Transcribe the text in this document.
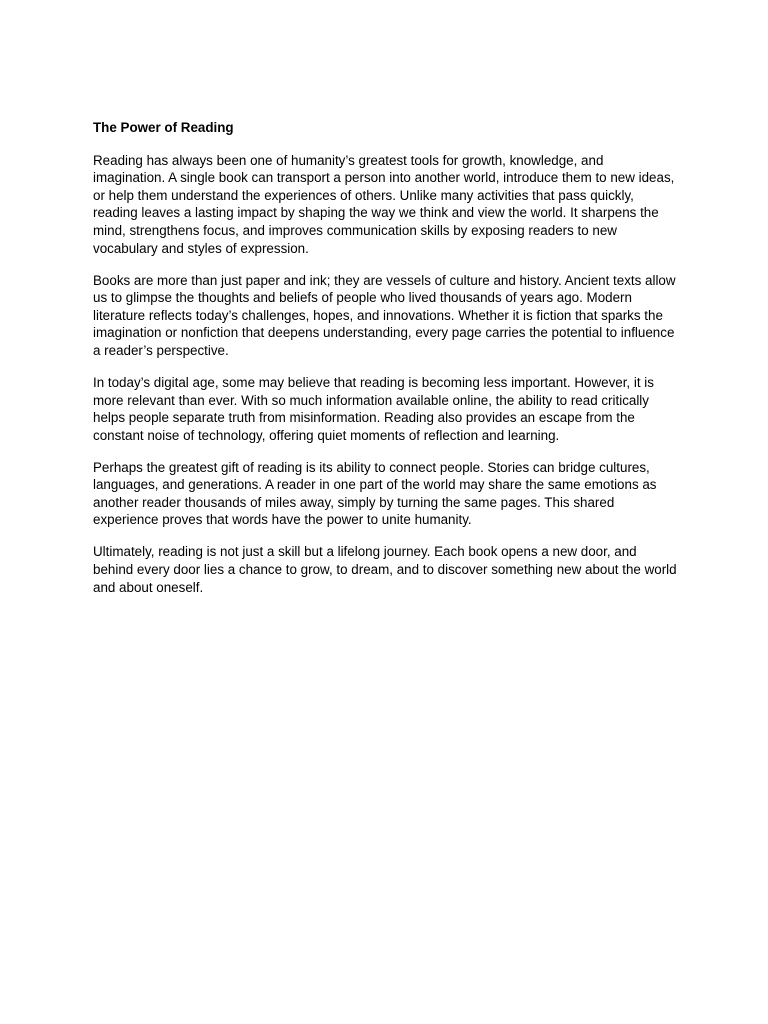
The Power of Reading

Reading has always been one of humanity’s greatest tools for growth, knowledge, and imagination. A single book can transport a person into another world, introduce them to new ideas, or help them understand the experiences of others. Unlike many activities that pass quickly, reading leaves a lasting impact by shaping the way we think and view the world. It sharpens the mind, strengthens focus, and improves communication skills by exposing readers to new vocabulary and styles of expression.

Books are more than just paper and ink; they are vessels of culture and history. Ancient texts allow us to glimpse the thoughts and beliefs of people who lived thousands of years ago. Modern literature reflects today’s challenges, hopes, and innovations. Whether it is fiction that sparks the imagination or nonfiction that deepens understanding, every page carries the potential to influence a reader’s perspective.

In today’s digital age, some may believe that reading is becoming less important. However, it is more relevant than ever. With so much information available online, the ability to read critically helps people separate truth from misinformation. Reading also provides an escape from the constant noise of technology, offering quiet moments of reflection and learning.

Perhaps the greatest gift of reading is its ability to connect people. Stories can bridge cultures, languages, and generations. A reader in one part of the world may share the same emotions as another reader thousands of miles away, simply by turning the same pages. This shared experience proves that words have the power to unite humanity.

Ultimately, reading is not just a skill but a lifelong journey. Each book opens a new door, and behind every door lies a chance to grow, to dream, and to discover something new about the world and about oneself.
